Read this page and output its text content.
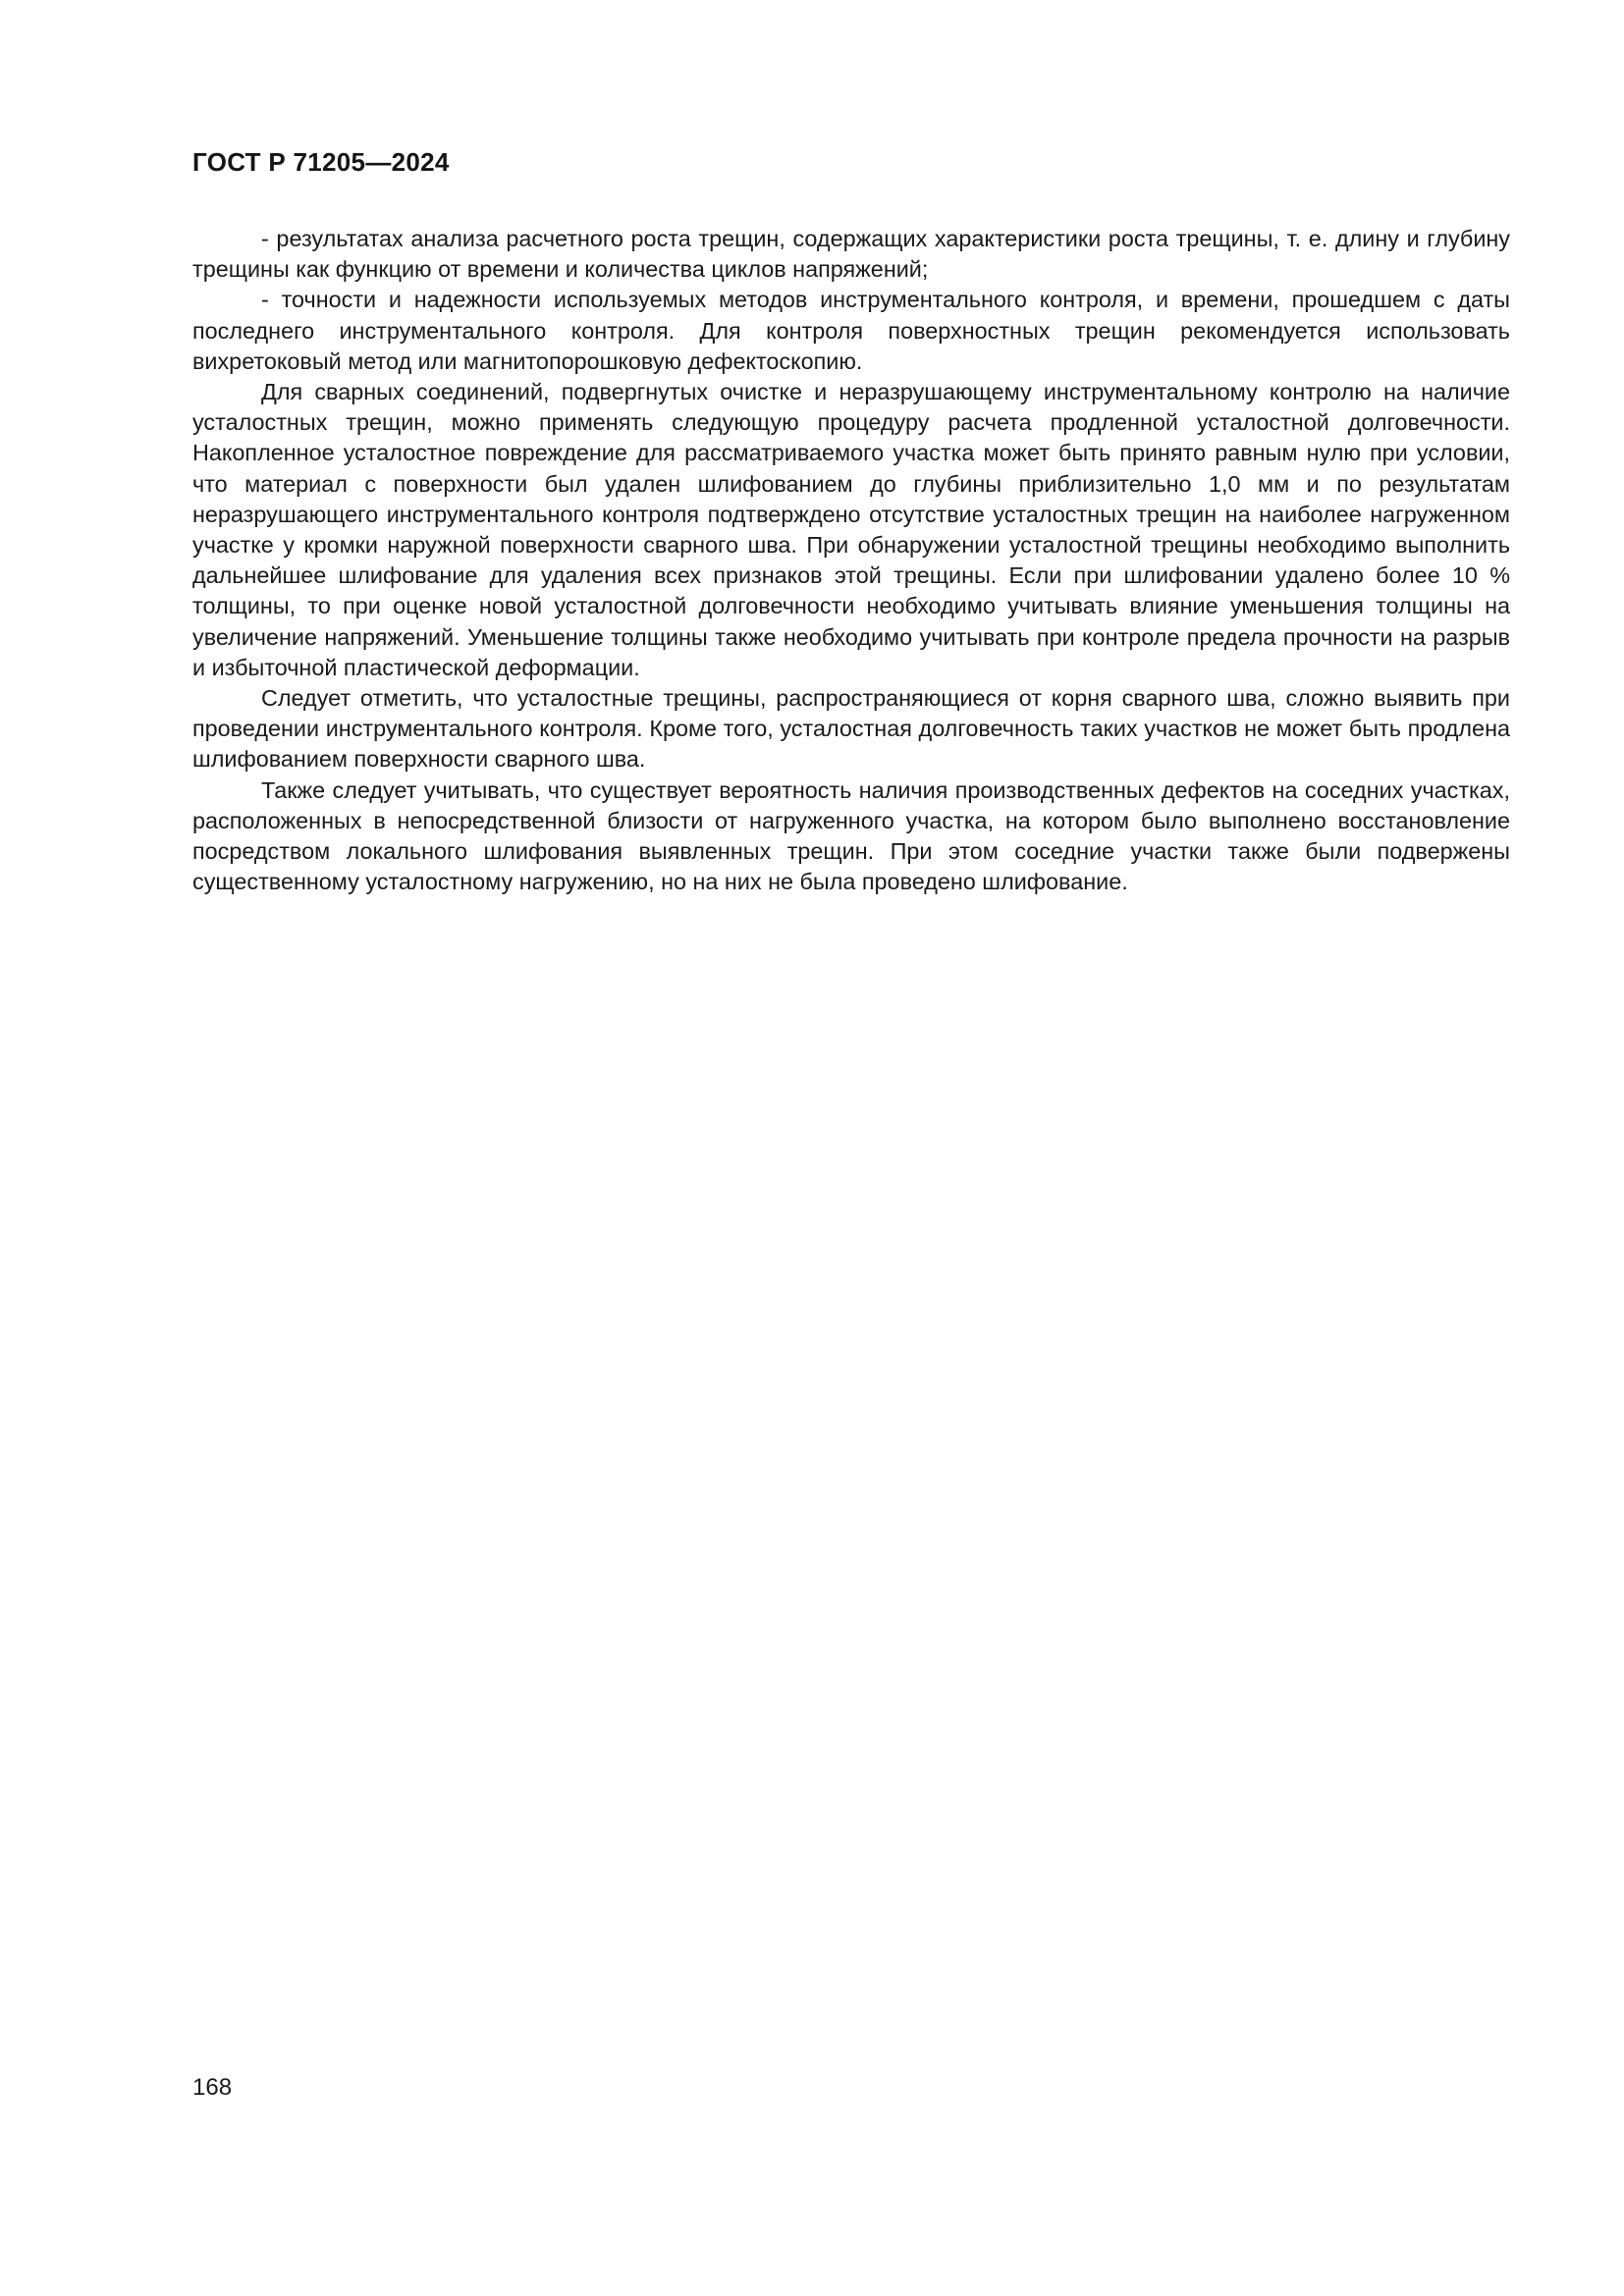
ГОСТ Р 71205—2024

- результатах анализа расчетного роста трещин, содержащих характеристики роста трещины, т. е. длину и глубину трещины как функцию от времени и количества циклов напряжений;

- точности и надежности используемых методов инструментального контроля, и времени, прошедшем с даты последнего инструментального контроля. Для контроля поверхностных трещин рекомендуется использовать вихретоковый метод или магнитопорошковую дефектоскопию.

Для сварных соединений, подвергнутых очистке и неразрушающему инструментальному контролю на наличие усталостных трещин, можно применять следующую процедуру расчета продленной усталостной долговечности. Накопленное усталостное повреждение для рассматриваемого участка может быть принято равным нулю при условии, что материал с поверхности был удален шлифованием до глубины приблизительно 1,0 мм и по результатам неразрушающего инструментального контроля подтверждено отсутствие усталостных трещин на наиболее нагруженном участке у кромки наружной поверхности сварного шва. При обнаружении усталостной трещины необходимо выполнить дальнейшее шлифование для удаления всех признаков этой трещины. Если при шлифовании удалено более 10 % толщины, то при оценке новой усталостной долговечности необходимо учитывать влияние уменьшения толщины на увеличение напряжений. Уменьшение толщины также необходимо учитывать при контроле предела прочности на разрыв и избыточной пластической деформации.

Следует отметить, что усталостные трещины, распространяющиеся от корня сварного шва, сложно выявить при проведении инструментального контроля. Кроме того, усталостная долговечность таких участков не может быть продлена шлифованием поверхности сварного шва.

Также следует учитывать, что существует вероятность наличия производственных дефектов на соседних участках, расположенных в непосредственной близости от нагруженного участка, на котором было выполнено восстановление посредством локального шлифования выявленных трещин. При этом соседние участки также были подвержены существенному усталостному нагружению, но на них не была проведено шлифование.

168
